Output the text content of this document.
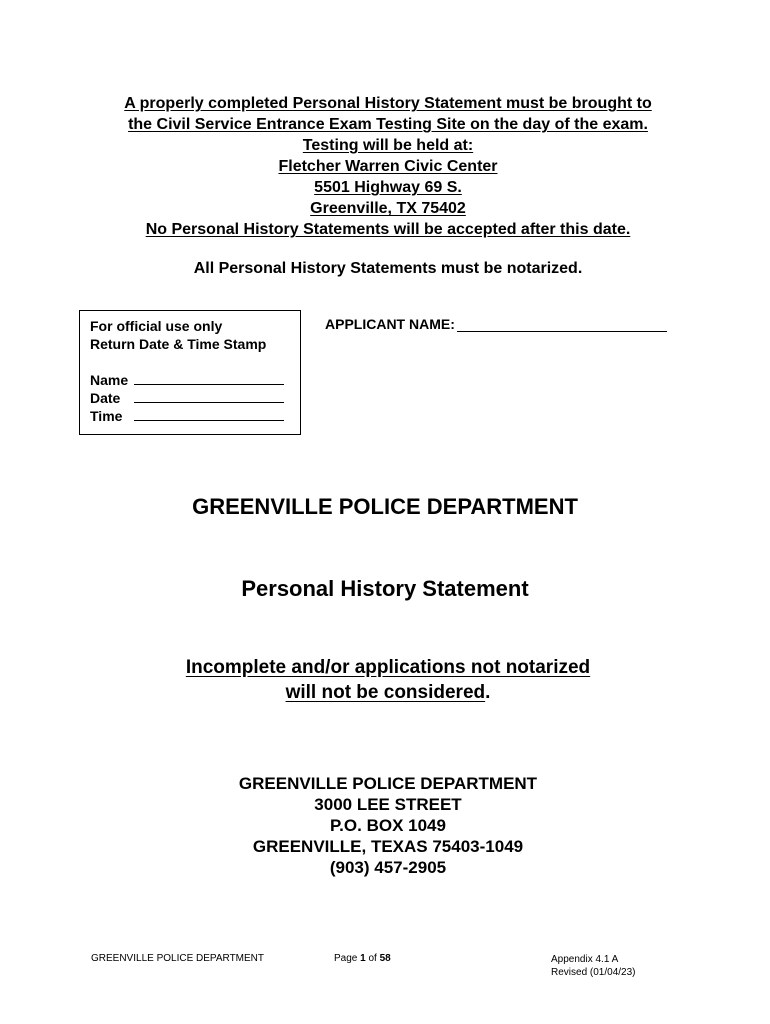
A properly completed Personal History Statement must be brought to
the Civil Service Entrance Exam Testing Site on the day of the exam.
Testing will be held at:
Fletcher Warren Civic Center
5501 Highway 69 S.
Greenville, TX 75402
No Personal History Statements will be accepted after this date.
All Personal History Statements must be notarized.
For official use only
Return Date & Time Stamp
Name
Date
Time
APPLICANT NAME:
GREENVILLE POLICE DEPARTMENT
Personal History Statement
Incomplete and/or applications not notarized
will not be considered.
GREENVILLE POLICE DEPARTMENT
3000 LEE STREET
P.O. BOX 1049
GREENVILLE, TEXAS 75403-1049
(903) 457-2905
GREENVILLE POLICE DEPARTMENT	Page 1 of 58	Appendix 4.1 A
Revised (01/04/23)
